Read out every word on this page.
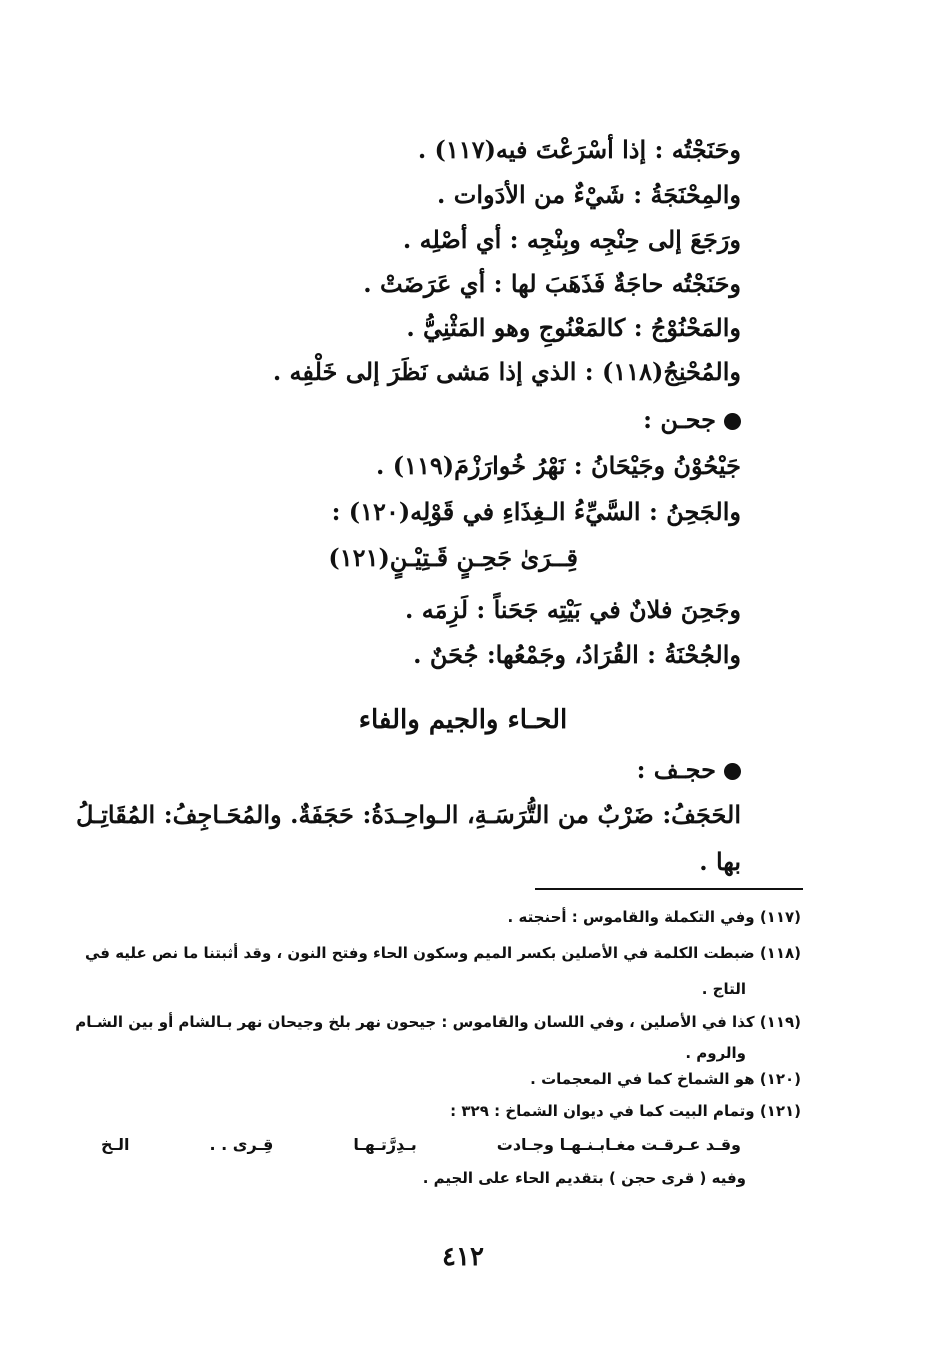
وحَنَجْتُه : إذا أسْرَعْتَ فيه(١١٧) .
والمِحْنَجَةُ : شَيْءٌ من الأدَوات .
ورَجَعَ إلى حِنْجِه وبِنْجِه : أي أصْلِه .
وحَنَجْتُه حاجَةٌ فَذَهَبَ لها : أي عَرَضَتْ .
والمَحْنُوْجُ : كالمَعْنُوجِ وهو المَثْنِيُّ .
والمُحْنِجُ(١١٨) : الذي إذا مَشى نَظَرَ إلى خَلْفِه .
جحـن :
جَيْحُوْنُ وجَيْحَانُ : نَهْرُ خُوارَزْمَ(١١٩) .
والجَحِنُ : السَّيِّءُ الـغِذَاءِ في قَوْلِه(١٢٠) :
قِــرَىٰ جَحِـنٍ قَـتِيْـنٍ(١٢١)
وجَحِنَ فلانٌ في بَيْتِه جَحَناً : لَزِمَه .
والجُحْنَةُ : القُرَادُ، وجَمْعُها: جُحَنٌ .
الحـاء والجيم والفاء
حجـف :
الحَجَفُ: ضَرْبٌ من التُّرَسَـةِ، الـواحِـدَةُ: حَجَفَةٌ. والمُحَـاجِفُ: المُقَاتِـلُ
بها .
(١١٧) وفي التكملة والقاموس : أحنجته .
(١١٨) ضبطت الكلمة في الأصلين بكسر الميم وسكون الحاء وفتح النون ، وقد أثبتنا ما نص عليه في
التاج .
(١١٩) كذا في الأصلين ، وفي اللسان والقاموس : جيحون نهر بلخ وجيحان نهر بـالشام أو بين الشـام
والروم .
(١٢٠) هو الشماخ كما في المعجمات .
(١٢١) وتمام البيت كما في ديوان الشماخ : ٣٢٩ :
وقـد عـرقـت مغـابـنـهـا وجـادت
بـدِرَّتـهـا
قِـرى . .
الـخ
وفيه ( قرى حجن ) بتقديم الحاء على الجيم .
٤١٢
